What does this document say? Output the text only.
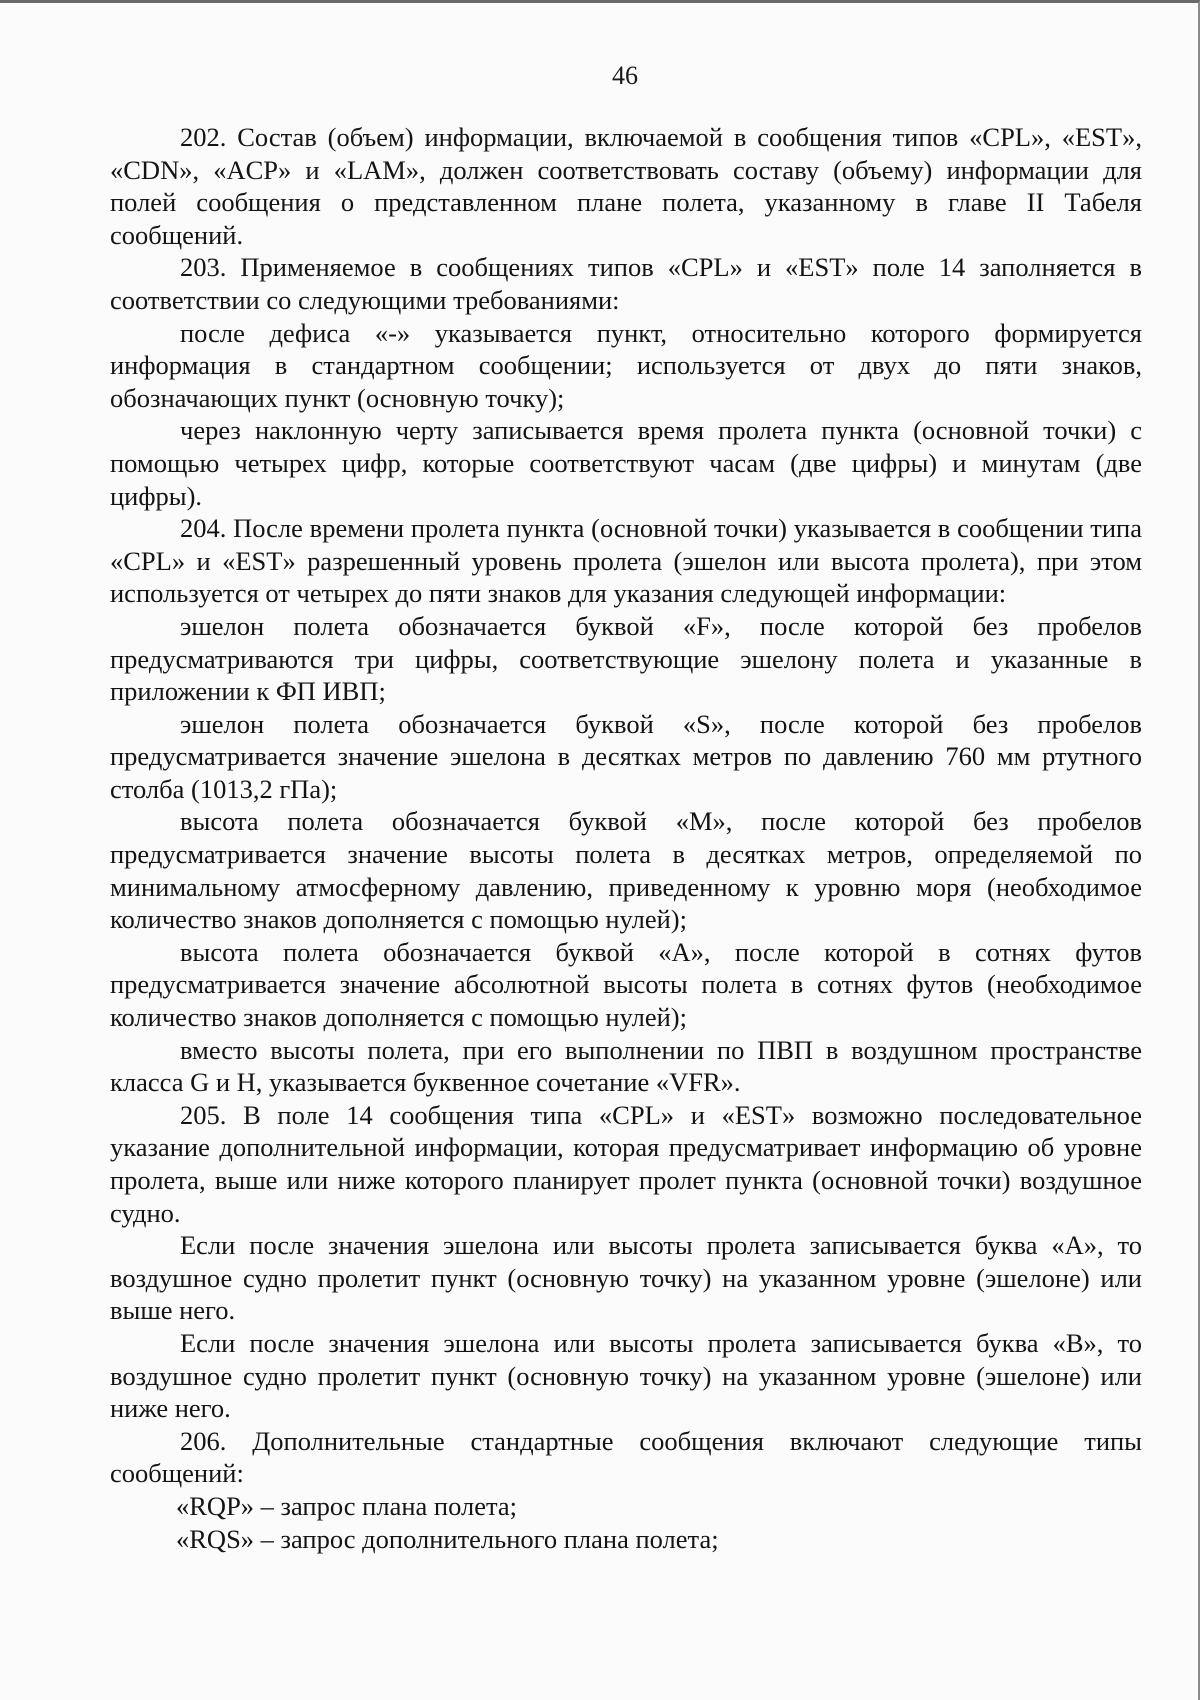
46

202. Состав (объем) информации, включаемой в сообщения типов «CPL», «EST», «CDN», «ACP» и «LAM», должен соответствовать составу (объему) информации для полей сообщения о представленном плане полета, указанному в главе II Табеля сообщений.

203. Применяемое в сообщениях типов «CPL» и «EST» поле 14 заполняется в соответствии со следующими требованиями:

после дефиса «-» указывается пункт, относительно которого формируется информация в стандартном сообщении; используется от двух до пяти знаков, обозначающих пункт (основную точку);

через наклонную черту записывается время пролета пункта (основной точки) с помощью четырех цифр, которые соответствуют часам (две цифры) и минутам (две цифры).

204. После времени пролета пункта (основной точки) указывается в сообщении типа «CPL» и «EST» разрешенный уровень пролета (эшелон или высота пролета), при этом используется от четырех до пяти знаков для указания следующей информации:

эшелон полета обозначается буквой «F», после которой без пробелов предусматриваются три цифры, соответствующие эшелону полета и указанные в приложении к ФП ИВП;

эшелон полета обозначается буквой «S», после которой без пробелов предусматривается значение эшелона в десятках метров по давлению 760 мм ртутного столба (1013,2 гПа);

высота полета обозначается буквой «М», после которой без пробелов предусматривается значение высоты полета в десятках метров, определяемой по минимальному атмосферному давлению, приведенному к уровню моря (необходимое количество знаков дополняется с помощью нулей);

высота полета обозначается буквой «А», после которой в сотнях футов предусматривается значение абсолютной высоты полета в сотнях футов (необходимое количество знаков дополняется с помощью нулей);

вместо высоты полета, при его выполнении по ПВП в воздушном пространстве класса G и H, указывается буквенное сочетание «VFR».

205. В поле 14 сообщения типа «CPL» и «EST» возможно последовательное указание дополнительной информации, которая предусматривает информацию об уровне пролета, выше или ниже которого планирует пролет пункта (основной точки) воздушное судно.

Если после значения эшелона или высоты пролета записывается буква «А», то воздушное судно пролетит пункт (основную точку) на указанном уровне (эшелоне) или выше него.

Если после значения эшелона или высоты пролета записывается буква «В», то воздушное судно пролетит пункт (основную точку) на указанном уровне (эшелоне) или ниже него.

206. Дополнительные стандартные сообщения включают следующие типы сообщений:

«RQP» – запрос плана полета;

«RQS» – запрос дополнительного плана полета;
